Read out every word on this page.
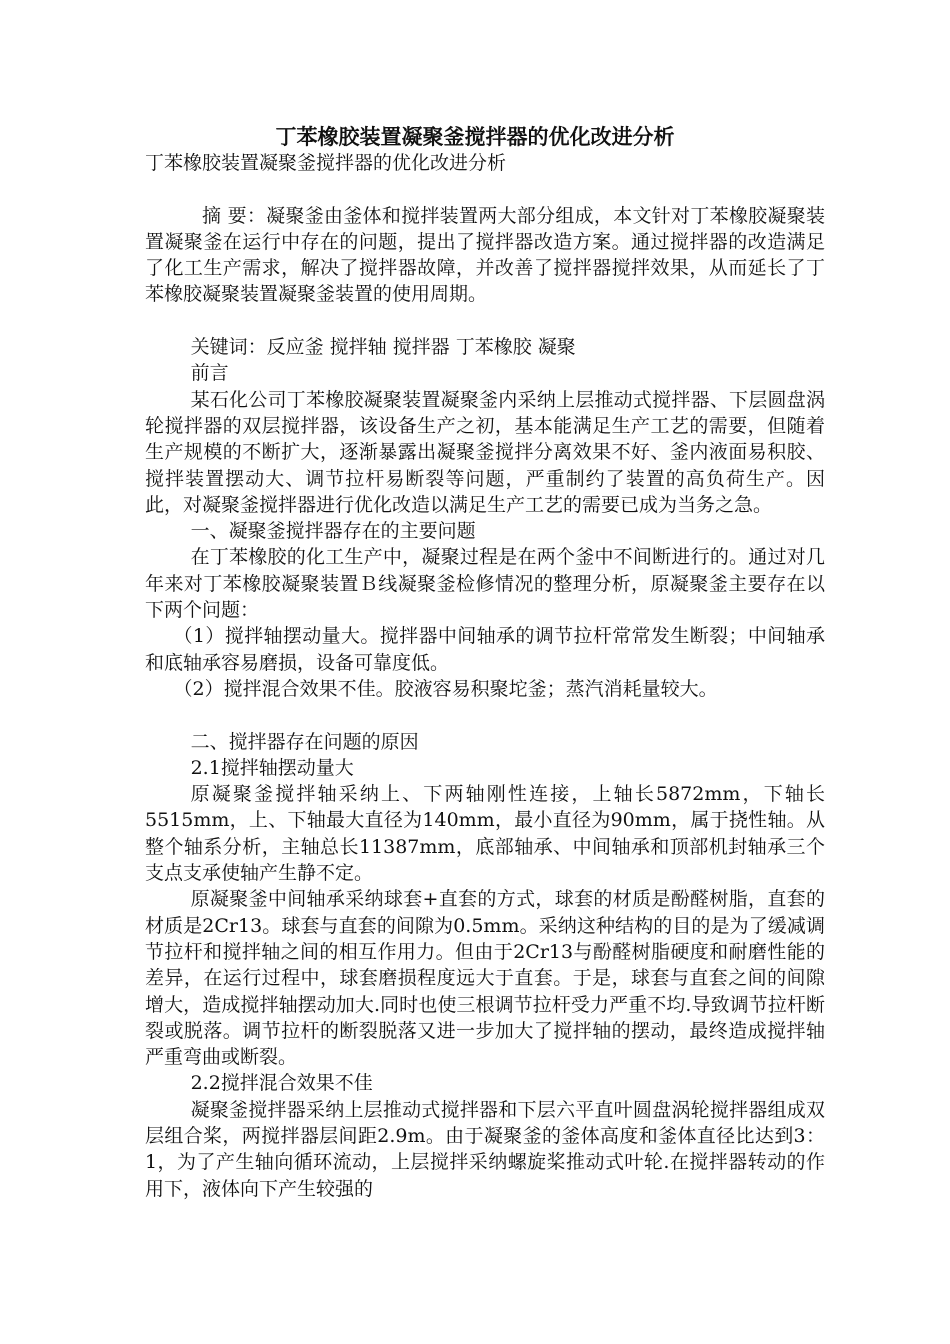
丁苯橡胶装置凝聚釜搅拌器的优化改进分析

丁苯橡胶装置凝聚釜搅拌器的优化改进分析

摘 要：凝聚釜由釜体和搅拌装置两大部分组成，本文针对丁苯橡胶凝聚装置凝聚釜在运行中存在的问题，提出了搅拌器改造方案。通过搅拌器的改造满足了化工生产需求，解决了搅拌器故障，并改善了搅拌器搅拌效果，从而延长了丁苯橡胶凝聚装置凝聚釜装置的使用周期。

关键词：反应釜 搅拌轴 搅拌器 丁苯橡胶 凝聚

前言

某石化公司丁苯橡胶凝聚装置凝聚釜内采纳上层推动式搅拌器、下层圆盘涡轮搅拌器的双层搅拌器，该设备生产之初，基本能满足生产工艺的需要，但随着生产规模的不断扩大，逐渐暴露出凝聚釜搅拌分离效果不好、釜内液面易积胶、搅拌装置摆动大、调节拉杆易断裂等问题，严重制约了装置的高负荷生产。因此，对凝聚釜搅拌器进行优化改造以满足生产工艺的需要已成为当务之急。

一、凝聚釜搅拌器存在的主要问题

在丁苯橡胶的化工生产中，凝聚过程是在两个釜中不间断进行的。通过对几年来对丁苯橡胶凝聚装置Ｂ线凝聚釜检修情况的整理分析，原凝聚釜主要存在以下两个问题：

（1）搅拌轴摆动量大。搅拌器中间轴承的调节拉杆常常发生断裂；中间轴承和底轴承容易磨损，设备可靠度低。

（2）搅拌混合效果不佳。胶液容易积聚坨釜；蒸汽消耗量较大。

二、搅拌器存在问题的原因

2.1搅拌轴摆动量大

原凝聚釜搅拌轴采纳上、下两轴刚性连接，上轴长5872mm，下轴长5515mm，上、下轴最大直径为140mm，最小直径为90mm，属于挠性轴。从整个轴系分析，主轴总长11387mm，底部轴承、中间轴承和顶部机封轴承三个支点支承使轴产生静不定。

原凝聚釜中间轴承采纳球套+直套的方式，球套的材质是酚醛树脂，直套的材质是2Cr13。球套与直套的间隙为0.5mm。采纳这种结构的目的是为了缓减调节拉杆和搅拌轴之间的相互作用力。但由于2Cr13与酚醛树脂硬度和耐磨性能的差异，在运行过程中，球套磨损程度远大于直套。于是，球套与直套之间的间隙增大，造成搅拌轴摆动加大.同时也使三根调节拉杆受力严重不均.导致调节拉杆断裂或脱落。调节拉杆的断裂脱落又进一步加大了搅拌轴的摆动，最终造成搅拌轴严重弯曲或断裂。

2.2搅拌混合效果不佳

凝聚釜搅拌器采纳上层推动式搅拌器和下层六平直叶圆盘涡轮搅拌器组成双层组合桨，两搅拌器层间距2.9m。由于凝聚釜的釜体高度和釜体直径比达到3：1，为了产生轴向循环流动，上层搅拌采纳螺旋桨推动式叶轮.在搅拌器转动的作用下，液体向下产生较强的
